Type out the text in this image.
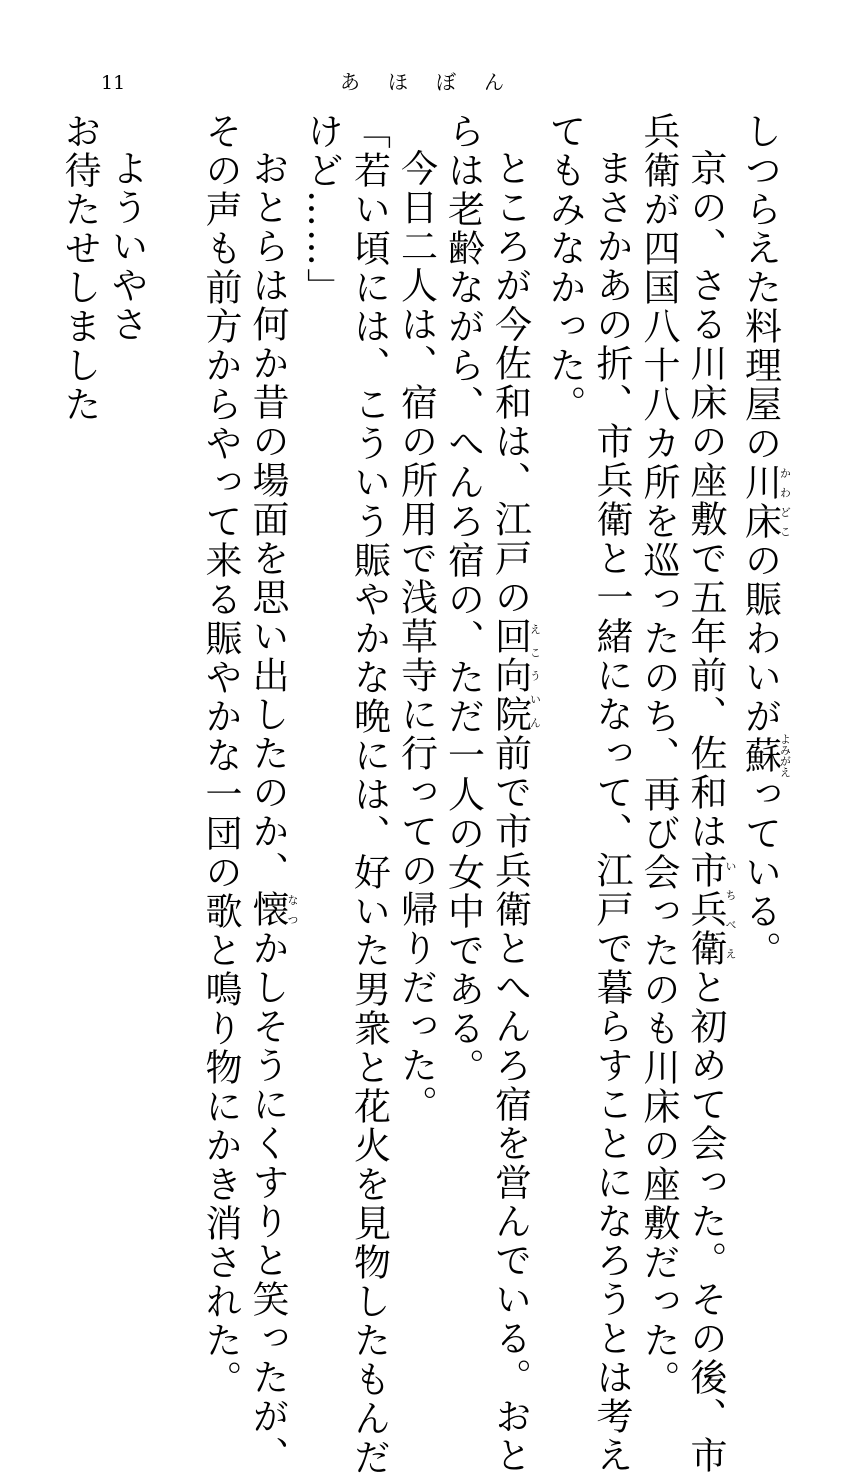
11	あほぼん
しつらえた料理屋の川床かわどこの賑わいが蘇よみがえっている。
京の、さる川床の座敷で五年前、佐和は市兵衛いちべえと初めて会った。その後、市
兵衛が四国八十八カ所を巡ったのち、再び会ったのも川床の座敷だった。
まさかあの折、市兵衛と一緒になって、江戸で暮らすことになろうとは考え
てもみなかった。
ところが今佐和は、江戸の回向院えこういん前で市兵衛とへんろ宿を営んでいる。おと
らは老齢ながら、へんろ宿の、ただ一人の女中である。
今日二人は、宿の所用で浅草寺に行っての帰りだった。
「若い頃には、こういう賑やかな晩には、好いた男衆と花火を見物したもんだ
けど……」
おとらは何か昔の場面を思い出したのか、懐なつかしそうにくすりと笑ったが、
その声も前方からやって来る賑やかな一団の歌と鳴り物にかき消された。

よういやさ
お待たせしました
